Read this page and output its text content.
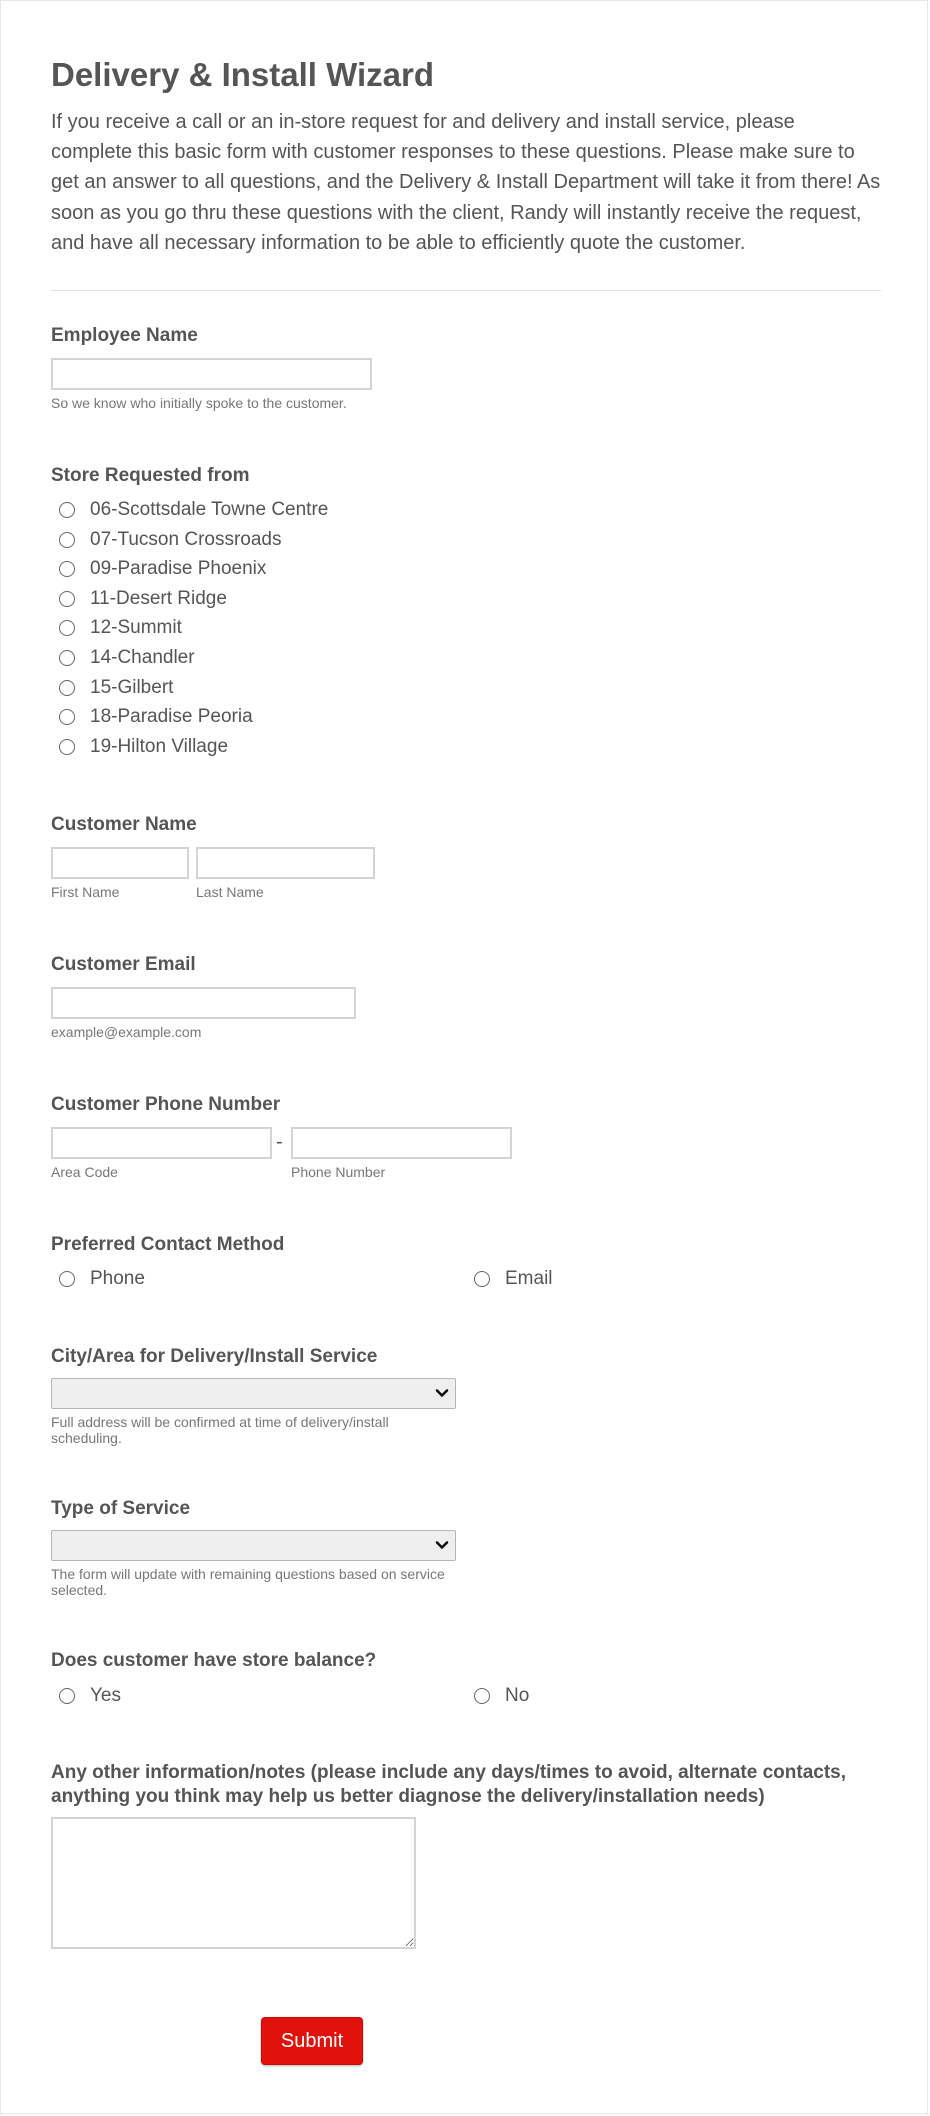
Delivery & Install Wizard

If you receive a call or an in-store request for and delivery and install service, please complete this basic form with customer responses to these questions. Please make sure to get an answer to all questions, and the Delivery & Install Department will take it from there! As soon as you go thru these questions with the client, Randy will instantly receive the request, and have all necessary information to be able to efficiently quote the customer.

Employee Name
So we know who initially spoke to the customer.
Store Requested from
06-Scottsdale Towne Centre
07-Tucson Crossroads
09-Paradise Phoenix
11-Desert Ridge
12-Summit
14-Chandler
15-Gilbert
18-Paradise Peoria
19-Hilton Village
Customer Name
First Name	Last Name
Customer Email
example@example.com
Customer Phone Number
-
Area Code	Phone Number
Preferred Contact Method
Phone	Email
City/Area for Delivery/Install Service
Full address will be confirmed at time of delivery/install scheduling.
Type of Service
The form will update with remaining questions based on service selected.
Does customer have store balance?
Yes	No
Any other information/notes (please include any days/times to avoid, alternate contacts, anything you think may help us better diagnose the delivery/installation needs)
Submit
